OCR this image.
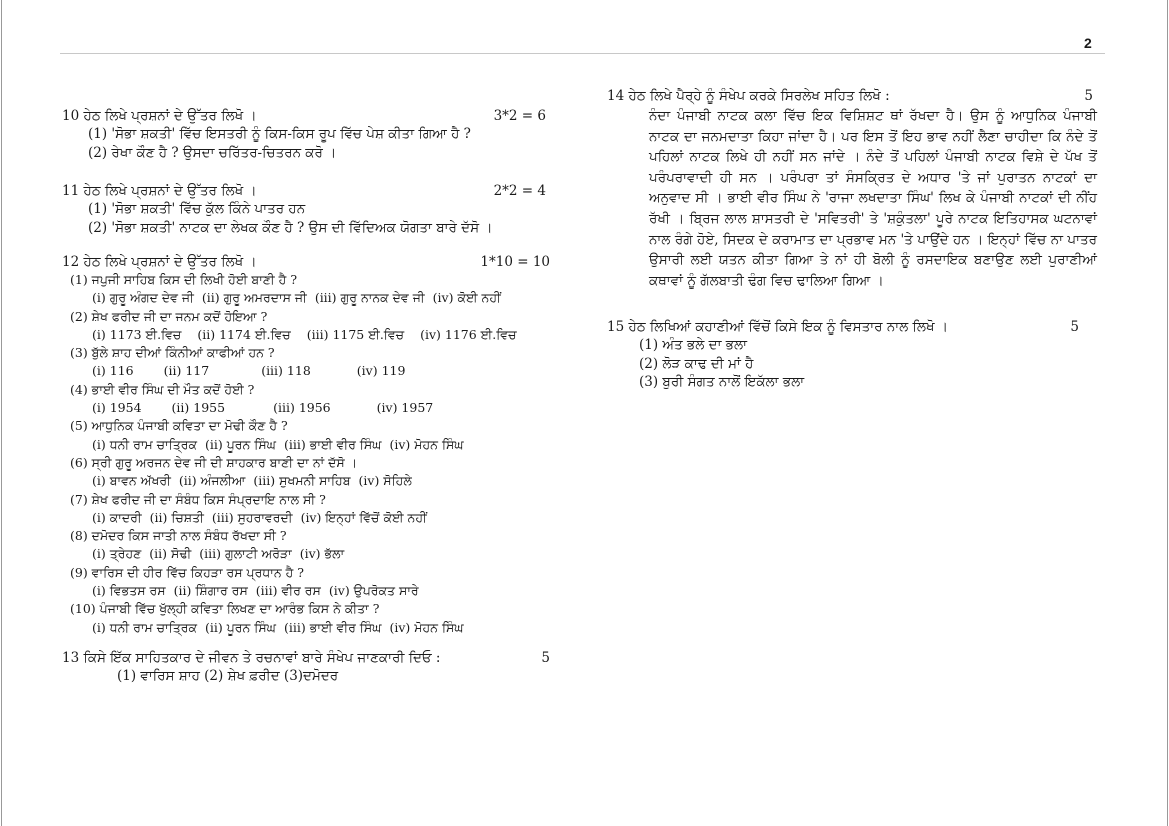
2
10 ਹੇਠ ਲਿਖੇ ਪ੍ਰਸ਼ਨਾਂ ਦੇ ਉੱਤਰ ਲਿਖੋ ।	3*2 = 6
(1) 'ਸੋਭਾ ਸ਼ਕਤੀ' ਵਿੱਚ ਇਸਤਰੀ ਨੂੰ ਕਿਸ-ਕਿਸ ਰੂਪ ਵਿੱਚ ਪੇਸ਼ ਕੀਤਾ ਗਿਆ ਹੈ ?
(2) ਰੇਖਾ ਕੌਣ ਹੈ ? ਉਸਦਾ ਚਰਿੱਤਰ-ਚਿਤਰਨ ਕਰੋ ।
11 ਹੇਠ ਲਿਖੇ ਪ੍ਰਸ਼ਨਾਂ ਦੇ ਉੱਤਰ ਲਿਖੋ ।	2*2 = 4
(1) 'ਸੋਭਾ ਸ਼ਕਤੀ' ਵਿੱਚ ਕੁੱਲ ਕਿੰਨੇ ਪਾਤਰ ਹਨ
(2) 'ਸੋਭਾ ਸ਼ਕਤੀ' ਨਾਟਕ ਦਾ ਲੇਖਕ ਕੌਣ ਹੈ ? ਉਸ ਦੀ ਵਿੱਦਿਅਕ ਯੋਗਤਾ ਬਾਰੇ ਦੱਸੋ ।
12 ਹੇਠ ਲਿਖੇ ਪ੍ਰਸ਼ਨਾਂ ਦੇ ਉੱਤਰ ਲਿਖੋ ।	1*10 = 10
(1) ਜਪੁਜੀ ਸਾਹਿਬ ਕਿਸ ਦੀ ਲਿਖੀ ਹੋਈ ਬਾਣੀ ਹੈ ?
(i) ਗੁਰੂ ਅੰਗਦ ਦੇਵ ਜੀ (ii) ਗੁਰੂ ਅਮਰਦਾਸ ਜੀ (iii) ਗੁਰੂ ਨਾਨਕ ਦੇਵ ਜੀ (iv) ਕੋਈ ਨਹੀਂ
(2) ਸ਼ੇਖ ਫਰੀਦ ਜੀ ਦਾ ਜਨਮ ਕਦੋਂ ਹੋਇਆ ?
(i) 1173 ਈ.ਵਿਚ (ii) 1174 ਈ.ਵਿਚ (iii) 1175 ਈ.ਵਿਚ (iv) 1176 ਈ.ਵਿਚ
(3) ਬੁੱਲੇ ਸ਼ਾਹ ਦੀਆਂ ਕਿੰਨੀਆਂ ਕਾਫੀਆਂ ਹਨ ?
(i) 116 (ii) 117	(iii) 118	(iv) 119
(4) ਭਾਈ ਵੀਰ ਸਿੰਘ ਦੀ ਮੌਤ ਕਦੋਂ ਹੋਈ ?
(i) 1954 (ii) 1955	(iii) 1956	(iv) 1957
(5) ਆਧੁਨਿਕ ਪੰਜਾਬੀ ਕਵਿਤਾ ਦਾ ਮੋਢੀ ਕੌਣ ਹੈ ?
(i) ਧਨੀ ਰਾਮ ਚਾਤ੍ਰਿਕ (ii) ਪੂਰਨ ਸਿੰਘ (iii) ਭਾਈ ਵੀਰ ਸਿੰਘ (iv) ਮੋਹਨ ਸਿੰਘ
(6) ਸ੍ਰੀ ਗੁਰੂ ਅਰਜਨ ਦੇਵ ਜੀ ਦੀ ਸ਼ਾਹਕਾਰ ਬਾਣੀ ਦਾ ਨਾਂ ਦੱਸੋ ।
(i) ਬਾਵਨ ਅੱਖਰੀ (ii) ਅੰਜਲੀਆ (iii) ਸੁਖਮਨੀ ਸਾਹਿਬ (iv) ਸੋਹਿਲੇ
(7) ਸ਼ੇਖ ਫਰੀਦ ਜੀ ਦਾ ਸੰਬੰਧ ਕਿਸ ਸੰਪ੍ਰਦਾਇ ਨਾਲ ਸੀ ?
(i) ਕਾਦਰੀ (ii) ਚਿਸ਼ਤੀ (iii) ਸੁਹਰਾਵਰਦੀ (iv) ਇਨ੍ਹਾਂ ਵਿੱਚੋਂ ਕੋਈ ਨਹੀਂ
(8) ਦਮੋਦਰ ਕਿਸ ਜਾਤੀ ਨਾਲ ਸੰਬੰਧ ਰੱਖਦਾ ਸੀ ?
(i) ਤ੍ਰੇਹਣ (ii) ਸੋਢੀ (iii) ਗੁਲਾਟੀ ਅਰੋੜਾ (iv) ਭੱਲਾ
(9) ਵਾਰਿਸ ਦੀ ਹੀਰ ਵਿੱਚ ਕਿਹੜਾ ਰਸ ਪ੍ਰਧਾਨ ਹੈ ?
(i) ਵਿਭਤਸ ਰਸ (ii) ਸ਼ਿੰਗਾਰ ਰਸ (iii) ਵੀਰ ਰਸ (iv) ਉਪਰੋਕਤ ਸਾਰੇ
(10) ਪੰਜਾਬੀ ਵਿੱਚ ਖੁੱਲ੍ਹੀ ਕਵਿਤਾ ਲਿਖਣ ਦਾ ਆਰੰਭ ਕਿਸ ਨੇ ਕੀਤਾ ?
(i) ਧਨੀ ਰਾਮ ਚਾਤ੍ਰਿਕ (ii) ਪੂਰਨ ਸਿੰਘ (iii) ਭਾਈ ਵੀਰ ਸਿੰਘ (iv) ਮੋਹਨ ਸਿੰਘ
13 ਕਿਸੇ ਇੱਕ ਸਾਹਿਤਕਾਰ ਦੇ ਜੀਵਨ ਤੇ ਰਚਨਾਵਾਂ ਬਾਰੇ ਸੰਖੇਪ ਜਾਣਕਾਰੀ ਦਿਓ :	5
(1) ਵਾਰਿਸ ਸ਼ਾਹ (2) ਸ਼ੇਖ ਫ਼ਰੀਦ (3)ਦਮੋਦਰ
14 ਹੇਠ ਲਿਖੇ ਪੈਰ੍ਹੇ ਨੂੰ ਸੰਖੇਪ ਕਰਕੇ ਸਿਰਲੇਖ ਸਹਿਤ ਲਿਖੋ :	5
ਨੰਦਾ ਪੰਜਾਬੀ ਨਾਟਕ ਕਲਾ ਵਿੱਚ ਇਕ ਵਿਸ਼ਿਸ਼ਟ ਥਾਂ ਰੱਖਦਾ ਹੈ। ਉਸ ਨੂੰ ਆਧੁਨਿਕ ਪੰਜਾਬੀ ਨਾਟਕ ਦਾ ਜਨਮਦਾਤਾ ਕਿਹਾ ਜਾਂਦਾ ਹੈ। ਪਰ ਇਸ ਤੋਂ ਇਹ ਭਾਵ ਨਹੀਂ ਲੈਣਾ ਚਾਹੀਦਾ ਕਿ ਨੰਦੇ ਤੋਂ ਪਹਿਲਾਂ ਨਾਟਕ ਲਿਖੇ ਹੀ ਨਹੀਂ ਸਨ ਜਾਂਦੇ । ਨੰਦੇ ਤੋਂ ਪਹਿਲਾਂ ਪੰਜਾਬੀ ਨਾਟਕ ਵਿਸ਼ੇ ਦੇ ਪੱਖ ਤੋਂ ਪਰੰਪਰਾਵਾਦੀ ਹੀ ਸਨ । ਪਰੰਪਰਾ ਤਾਂ ਸੰਸਕ੍ਰਿਤ ਦੇ ਅਧਾਰ 'ਤੇ ਜਾਂ ਪੁਰਾਤਨ ਨਾਟਕਾਂ ਦਾ ਅਨੁਵਾਦ ਸੀ । ਭਾਈ ਵੀਰ ਸਿੰਘ ਨੇ 'ਰਾਜਾ ਲਖਦਾਤਾ ਸਿੰਘ' ਲਿਖ ਕੇ ਪੰਜਾਬੀ ਨਾਟਕਾਂ ਦੀ ਨੀਂਹ ਰੱਖੀ । ਬ੍ਰਿਜ ਲਾਲ ਸ਼ਾਸਤਰੀ ਦੇ 'ਸਵਿਤਰੀ' ਤੇ 'ਸ਼ਕੁੰਤਲਾ' ਪੂਰੇ ਨਾਟਕ ਇਤਿਹਾਸਕ ਘਟਨਾਵਾਂ ਨਾਲ ਰੰਗੇ ਹੋਏ, ਸਿਦਕ ਦੇ ਕਰਾਮਾਤ ਦਾ ਪ੍ਰਭਾਵ ਮਨ 'ਤੇ ਪਾਉਂਦੇ ਹਨ । ਇਨ੍ਹਾਂ ਵਿੱਚ ਨਾ ਪਾਤਰ ਉਸਾਰੀ ਲਈ ਯਤਨ ਕੀਤਾ ਗਿਆ ਤੇ ਨਾਂ ਹੀ ਬੋਲੀ ਨੂੰ ਰਸਦਾਇਕ ਬਣਾਉਣ ਲਈ ਪੁਰਾਣੀਆਂ ਕਥਾਵਾਂ ਨੂੰ ਗੱਲਬਾਤੀ ਢੰਗ ਵਿਚ ਢਾਲਿਆ ਗਿਆ ।
15 ਹੇਠ ਲਿਖਿਆਂ ਕਹਾਣੀਆਂ ਵਿੱਚੋਂ ਕਿਸੇ ਇਕ ਨੂੰ ਵਿਸਤਾਰ ਨਾਲ ਲਿਖੋ ।	5
(1) ਅੰਤ ਭਲੇ ਦਾ ਭਲਾ
(2) ਲੋੜ ਕਾਢ ਦੀ ਮਾਂ ਹੈ
(3) ਬੁਰੀ ਸੰਗਤ ਨਾਲੋਂ ਇਕੱਲਾ ਭਲਾ
